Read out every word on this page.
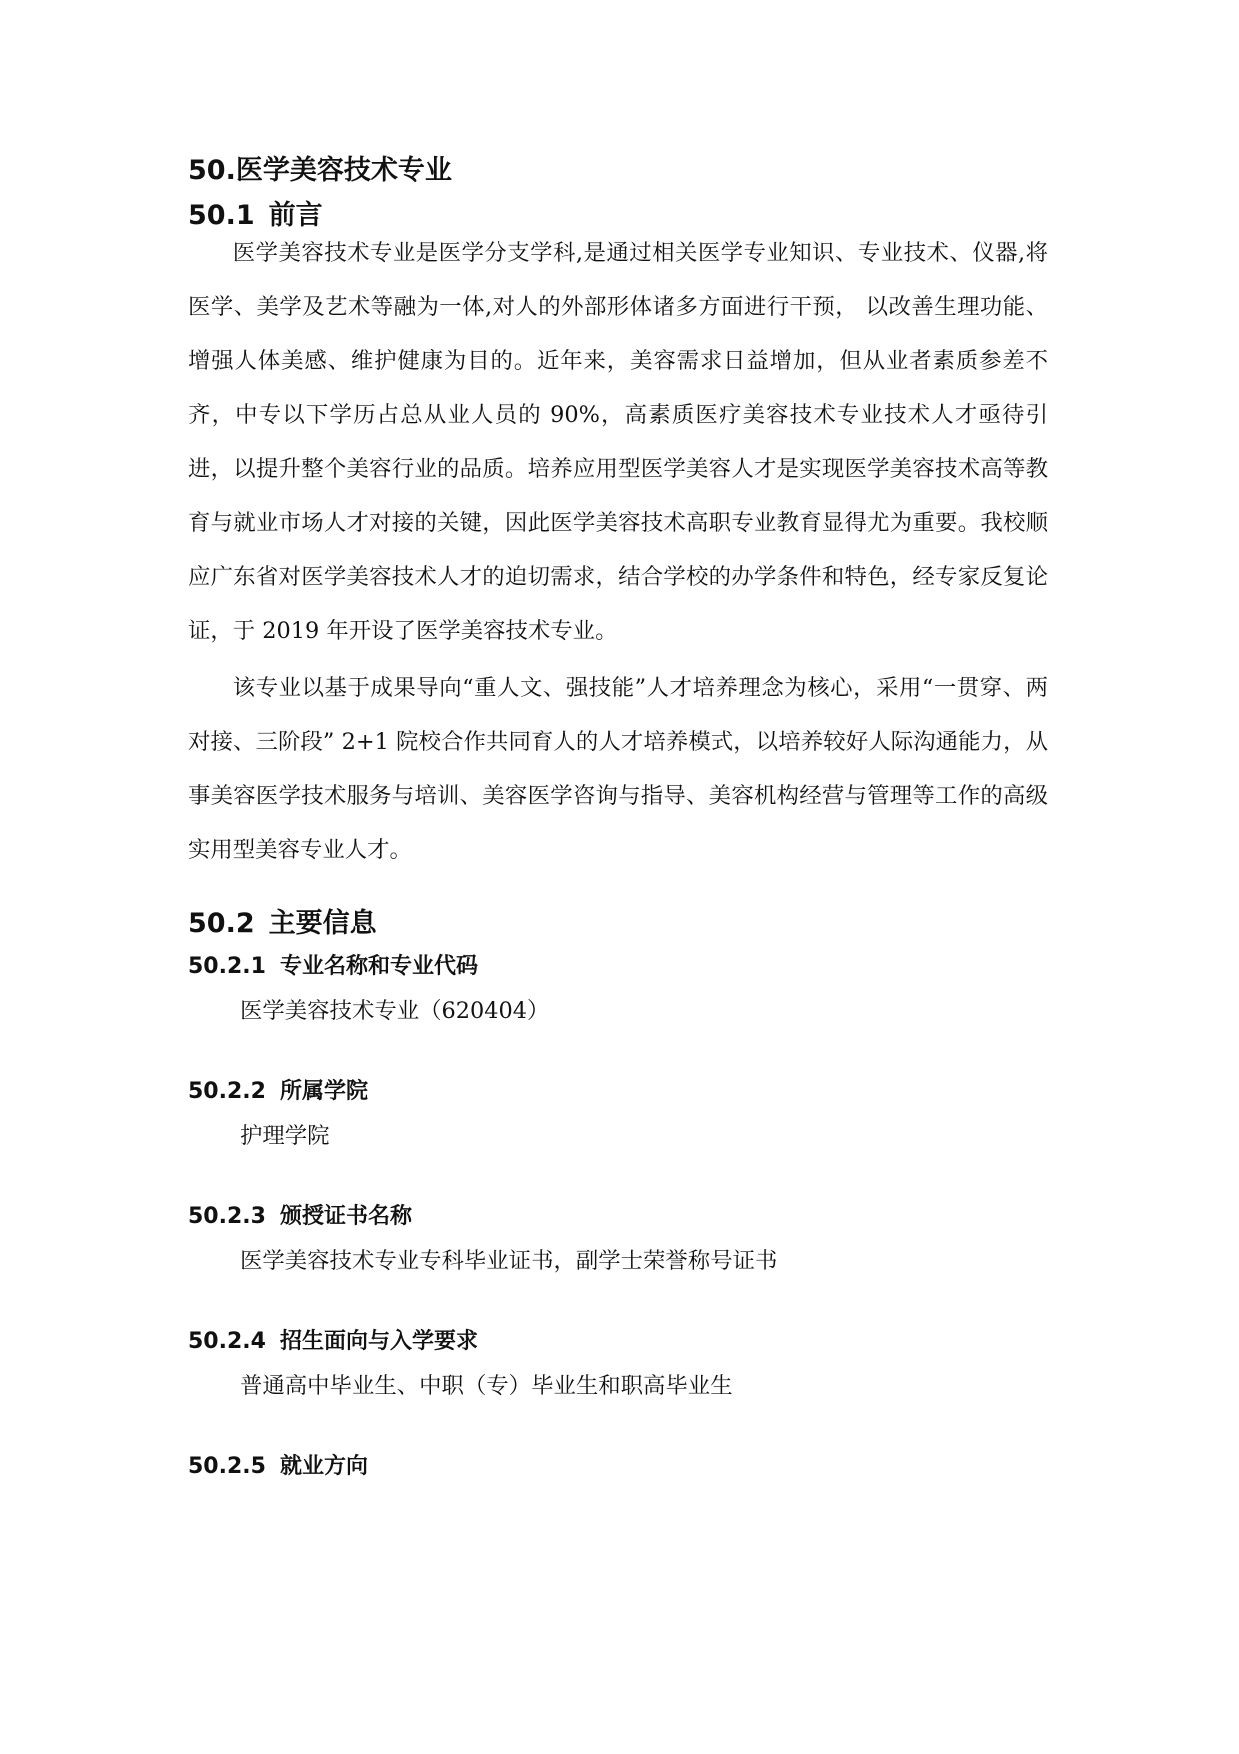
50.医学美容技术专业
50.1 前言

医学美容技术专业是医学分支学科,是通过相关医学专业知识、专业技术、仪器,将医学、美学及艺术等融为一体,对人的外部形体诸多方面进行干预， 以改善生理功能、增强人体美感、维护健康为目的。近年来，美容需求日益增加，但从业者素质参差不齐，中专以下学历占总从业人员的 90%，高素质医疗美容技术专业技术人才亟待引进，以提升整个美容行业的品质。培养应用型医学美容人才是实现医学美容技术高等教育与就业市场人才对接的关键，因此医学美容技术高职专业教育显得尤为重要。我校顺应广东省对医学美容技术人才的迫切需求，结合学校的办学条件和特色，经专家反复论证，于 2019 年开设了医学美容技术专业。

该专业以基于成果导向“重人文、强技能”人才培养理念为核心，采用“一贯穿、两对接、三阶段” 2+1 院校合作共同育人的人才培养模式，以培养较好人际沟通能力，从事美容医学技术服务与培训、美容医学咨询与指导、美容机构经营与管理等工作的高级实用型美容专业人才。

50.2 主要信息
50.2.1 专业名称和专业代码

医学美容技术专业（620404）

50.2.2 所属学院

护理学院

50.2.3 颁授证书名称

医学美容技术专业专科毕业证书，副学士荣誉称号证书

50.2.4 招生面向与入学要求

普通高中毕业生、中职（专）毕业生和职高毕业生

50.2.5 就业方向
